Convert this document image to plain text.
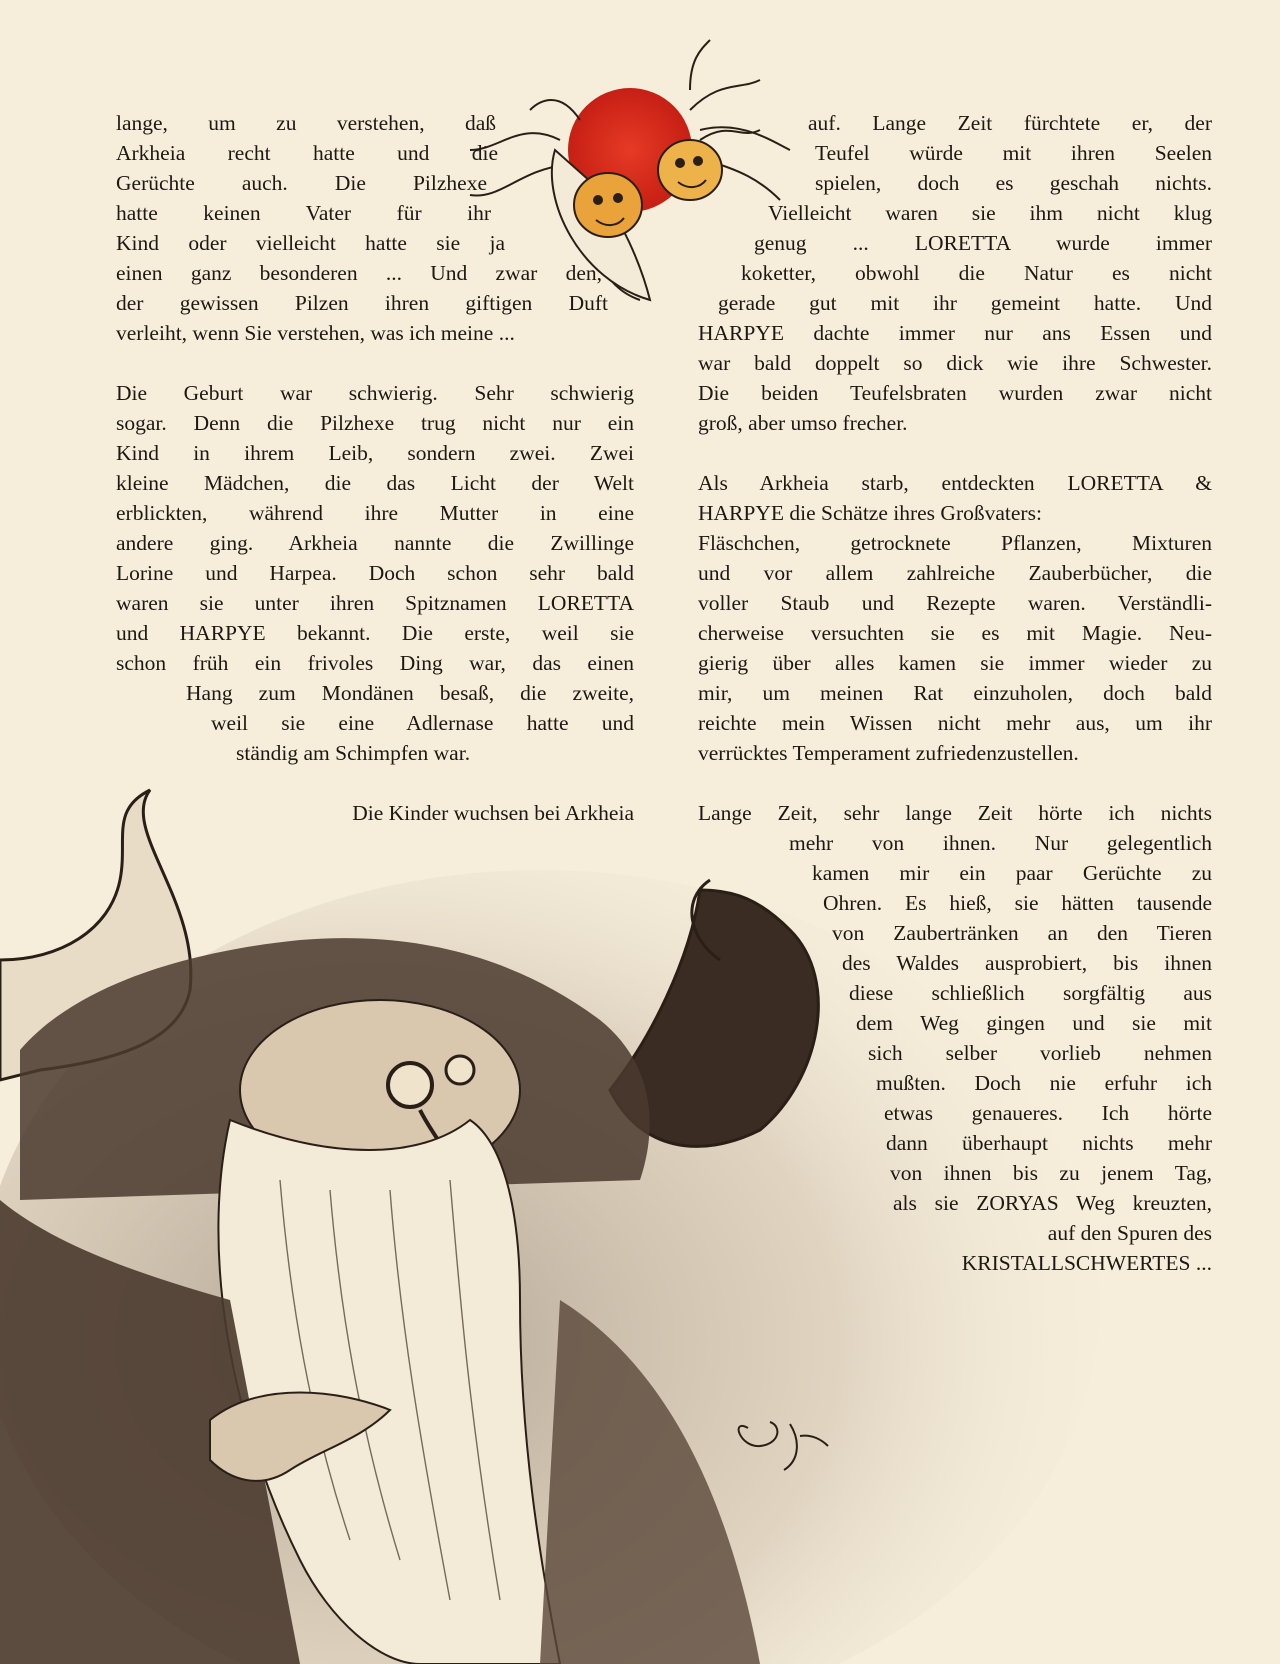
lange, um zu verstehen, daß
Arkheia recht hatte und die
Gerüchte auch. Die Pilzhexe
hatte keinen Vater für ihr
Kind oder vielleicht hatte sie ja
einen ganz besonderen ... Und zwar den,
der gewissen Pilzen ihren giftigen Duft
verleiht, wenn Sie verstehen, was ich meine ...
Die Geburt war schwierig. Sehr schwierig
sogar. Denn die Pilzhexe trug nicht nur ein
Kind in ihrem Leib, sondern zwei. Zwei
kleine Mädchen, die das Licht der Welt
erblickten, während ihre Mutter in eine
andere ging. Arkheia nannte die Zwillinge
Lorine und Harpea. Doch schon sehr bald
waren sie unter ihren Spitznamen LORETTA
und HARPYE bekannt. Die erste, weil sie
schon früh ein frivoles Ding war, das einen
Hang zum Mondänen besaß, die zweite,
weil sie eine Adlernase hatte und
ständig am Schimpfen war.
Die Kinder wuchsen bei Arkheia
auf. Lange Zeit fürchtete er, der
Teufel würde mit ihren Seelen
spielen, doch es geschah nichts.
Vielleicht waren sie ihm nicht klug
genug ... LORETTA wurde immer
koketter, obwohl die Natur es nicht
gerade gut mit ihr gemeint hatte. Und
HARPYE dachte immer nur ans Essen und
war bald doppelt so dick wie ihre Schwester.
Die beiden Teufelsbraten wurden zwar nicht
groß, aber umso frecher.
Als Arkheia starb, entdeckten LORETTA &
HARPYE die Schätze ihres Großvaters:
Fläschchen, getrocknete Pflanzen, Mixturen
und vor allem zahlreiche Zauberbücher, die
voller Staub und Rezepte waren. Verständli-
cherweise versuchten sie es mit Magie. Neu-
gierig über alles kamen sie immer wieder zu
mir, um meinen Rat einzuholen, doch bald
reichte mein Wissen nicht mehr aus, um ihr
verrücktes Temperament zufriedenzustellen.
Lange Zeit, sehr lange Zeit hörte ich nichts
mehr von ihnen. Nur gelegentlich
kamen mir ein paar Gerüchte zu
Ohren. Es hieß, sie hätten tausende
von Zaubertränken an den Tieren
des Waldes ausprobiert, bis ihnen
diese schließlich sorgfältig aus
dem Weg gingen und sie mit
sich selber vorlieb nehmen
mußten. Doch nie erfuhr ich
etwas genaueres. Ich hörte
dann überhaupt nichts mehr
von ihnen bis zu jenem Tag,
als sie ZORYAS Weg kreuzten,
auf den Spuren des
KRISTALLSCHWERTES ...
